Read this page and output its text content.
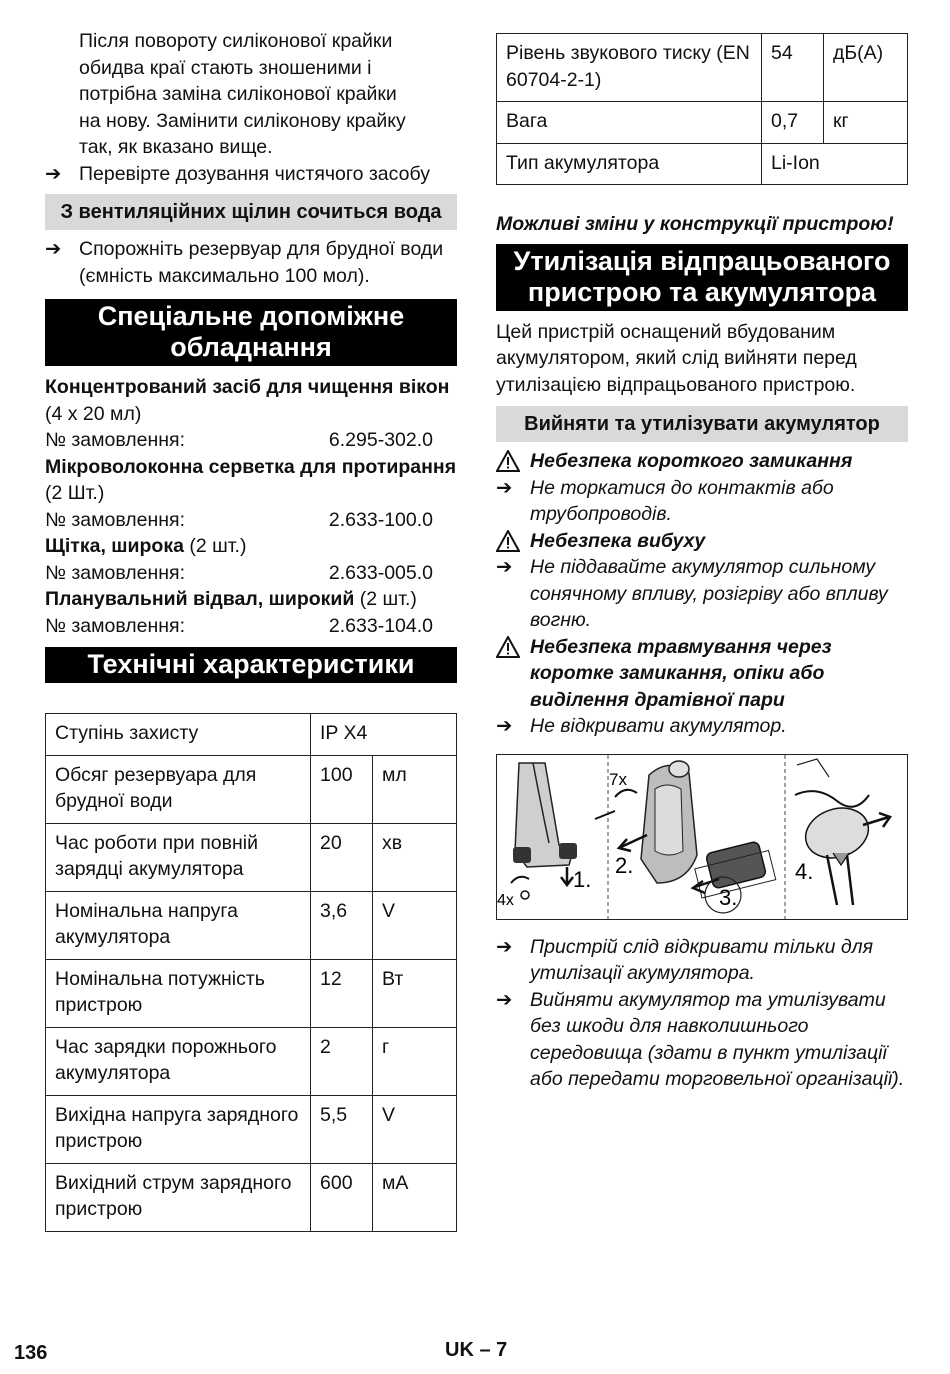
Після повороту силіконової крайки

обидва краї стають зношеними і

потрібна заміна силіконової крайки

на нову. Замінити силіконову крайку

так, як вказано вище.

➔ Перевірте дозування чистячого засобу
З вентиляційних щілин сочиться вода
➔ Спорожніть резервуар для брудної води (ємність максимально 100 мол).
Спеціальне допоміжне обладнання

Концентрований засіб для чищення вікон (4 x 20 мл)

№ замовлення:	6.295-302.0

Мікроволоконна серветка для протирання (2 Шт.)

№ замовлення:	2.633-100.0

Щітка, широка (2 шт.)

№ замовлення:	2.633-005.0

Планувальний відвал, широкий (2 шт.)

№ замовлення:	2.633-104.0
Технічні характеристики
Ступінь захисту	IP X4	
Обсяг резервуара для брудної води	100	мл
Час роботи при повній зарядці акумулятора	20	хв
Номінальна напруга акумулятора	3,6	V
Номінальна потужність пристрою	12	Вт
Час зарядки порожнього акумулятора	2	г
Вихідна напруга зарядного пристрою	5,5	V
Вихідний струм зарядного пристрою	600	мА
Рівень звукового тиску (EN 60704-2-1)	54	дБ(A)
Вага	0,7	кг
Тип акумулятора	Li-Ion	

Можливі зміни у конструкції пристрою!

Утилізація відпрацьованого пристрою та акумулятора

Цей пристрій оснащений вбудованим акумулятором, який слід вийняти перед утилізацією відпрацьованого пристрою.

Вийняти та утилізувати акумулятор
Небезпека короткого замикання
➔ Не торкатися до контактів або трубопроводів.
Небезпека вибуху
➔ Не піддавайте акумулятор сильному сонячному впливу, розігріву або впливу вогню.
Небезпека травмування через коротке замикання, опіки або виділення дратівної пари
➔ Не відкривати акумулятор.
7x
4x
1.
2.
3.
4.
➔ Пристрій слід відкривати тільки для утилізації акумулятора.
➔ Вийняти акумулятор та утилізувати без шкоди для навколишнього середовища (здати в пункт утилізації або передати торговельної організації).
136	UK – 7
